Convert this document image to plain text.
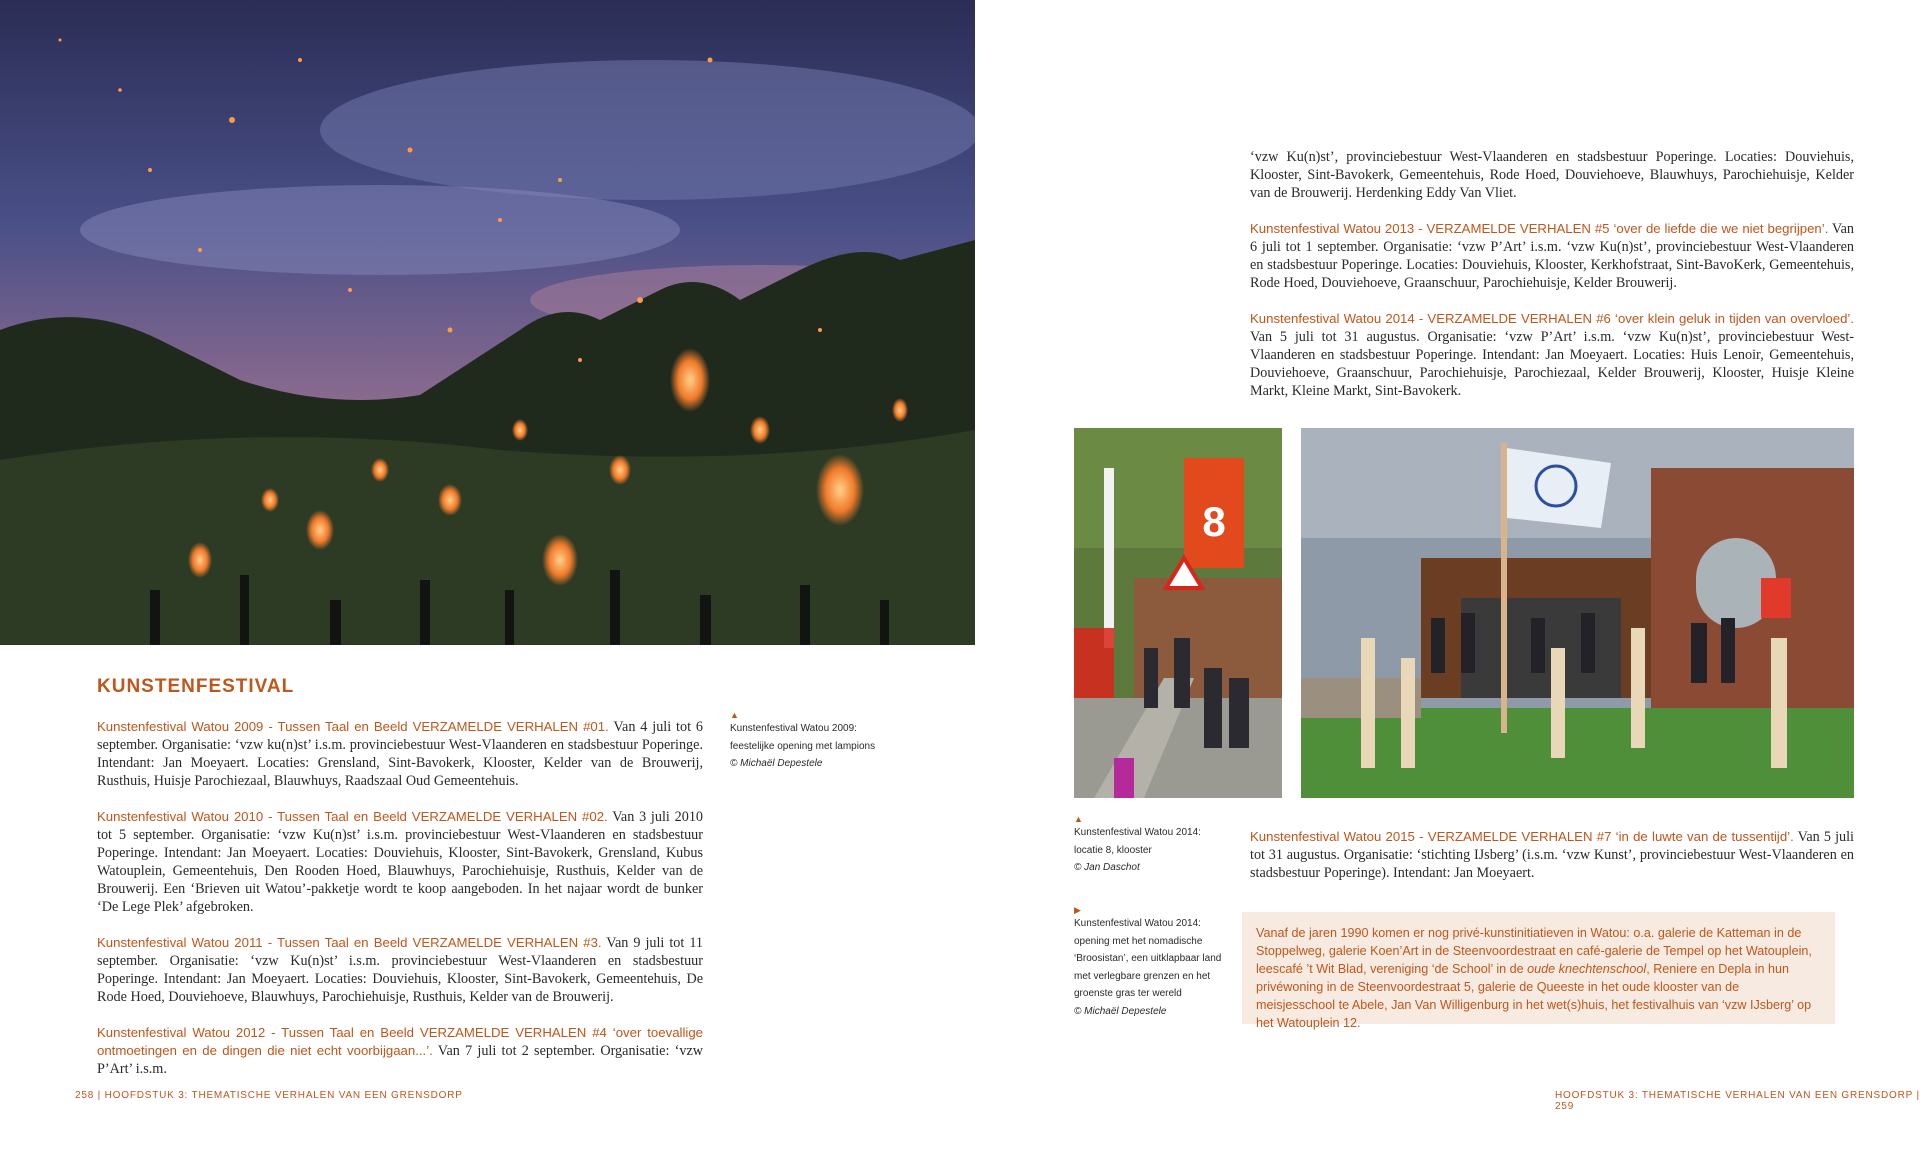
KUNSTENFESTIVAL

Kunstenfestival Watou 2009 - Tussen Taal en Beeld VERZAMELDE VERHALEN #01. Van 4 juli tot 6 september. Organisatie: ‘vzw ku(n)st’ i.s.m. provinciebestuur West-Vlaanderen en stadsbestuur Poperinge. Intendant: Jan Moeyaert. Locaties: Grensland, Sint-Bavokerk, Klooster, Kelder van de Brouwerij, Rusthuis, Huisje Parochiezaal, Blauwhuys, Raadszaal Oud Gemeentehuis.

Kunstenfestival Watou 2010 - Tussen Taal en Beeld VERZAMELDE VERHALEN #02. Van 3 juli 2010 tot 5 september. Organisatie: ‘vzw Ku(n)st’ i.s.m. provinciebestuur West-Vlaanderen en stadsbestuur Poperinge. Intendant: Jan Moeyaert. Locaties: Douviehuis, Klooster, Sint-Bavokerk, Grensland, Kubus Watouplein, Gemeentehuis, Den Rooden Hoed, Blauwhuys, Parochiehuisje, Rusthuis, Kelder van de Brouwerij. Een ‘Brieven uit Watou’-pakketje wordt te koop aangeboden. In het najaar wordt de bunker ‘De Lege Plek’ afgebroken.

Kunstenfestival Watou 2011 - Tussen Taal en Beeld VERZAMELDE VERHALEN #3. Van 9 juli tot 11 september. Organisatie: ‘vzw Ku(n)st’ i.s.m. provinciebestuur West-Vlaanderen en stadsbestuur Poperinge. Intendant: Jan Moeyaert. Locaties: Douviehuis, Klooster, Sint-Bavokerk, Gemeentehuis, De Rode Hoed, Douviehoeve, Blauwhuys, Parochiehuisje, Rusthuis, Kelder van de Brouwerij.

Kunstenfestival Watou 2012 - Tussen Taal en Beeld VERZAMELDE VERHALEN #4 ‘over toevallige ontmoetingen en de dingen die niet echt voorbijgaan...’. Van 7 juli tot 2 september. Organisatie: ‘vzw P’Art’ i.s.m.

▲
Kunstenfestival Watou 2009:
feestelijke opening met lampions
© Michaël Depestele
258 | HOOFDSTUK 3: THEMATISCHE VERHALEN VAN EEN GRENSDORP

‘vzw Ku(n)st’, provinciebestuur West-Vlaanderen en stadsbestuur Poperinge. Locaties: Douviehuis, Klooster, Sint-Bavokerk, Gemeentehuis, Rode Hoed, Douviehoeve, Blauwhuys, Parochiehuisje, Kelder van de Brouwerij. Herdenking Eddy Van Vliet.

Kunstenfestival Watou 2013 - VERZAMELDE VERHALEN #5 ‘over de liefde die we niet begrijpen’. Van 6 juli tot 1 september. Organisatie: ‘vzw P’Art’ i.s.m. ‘vzw Ku(n)st’, provinciebestuur West-Vlaanderen en stadsbestuur Poperinge. Locaties: Douviehuis, Klooster, Kerkhofstraat, Sint-BavoKerk, Gemeentehuis, Rode Hoed, Douviehoeve, Graanschuur, Parochiehuisje, Kelder Brouwerij.

Kunstenfestival Watou 2014 - VERZAMELDE VERHALEN #6 ‘over klein geluk in tijden van overvloed’. Van 5 juli tot 31 augustus. Organisatie: ‘vzw P’Art’ i.s.m. ‘vzw Ku(n)st’, provinciebestuur West-Vlaanderen en stadsbestuur Poperinge. Intendant: Jan Moeyaert. Locaties: Huis Lenoir, Gemeentehuis, Douviehoeve, Graanschuur, Parochiehuisje, Parochiezaal, Kelder Brouwerij, Klooster, Huisje Kleine Markt, Kleine Markt, Sint-Bavokerk.

8
▲
Kunstenfestival Watou 2014:
locatie 8, klooster
© Jan Daschot
▶
Kunstenfestival Watou 2014:
opening met het nomadische
‘Broosistan’, een uitklapbaar land
met verlegbare grenzen en het
groenste gras ter wereld
© Michaël Depestele

Kunstenfestival Watou 2015 - VERZAMELDE VERHALEN #7 ‘in de luwte van de tussentijd’. Van 5 juli tot 31 augustus. Organisatie: ‘stichting IJsberg’ (i.s.m. ‘vzw Kunst’, provinciebestuur West-Vlaanderen en stadsbestuur Poperinge). Intendant: Jan Moeyaert.

Vanaf de jaren 1990 komen er nog privé-kunstinitiatieven in Watou: o.a. galerie de Katteman in de Stoppelweg, galerie Koen’Art in de Steenvoordestraat en café-galerie de Tempel op het Watouplein, leescafé ’t Wit Blad, vereniging ‘de School’ in de oude knechtenschool, Reniere en Depla in hun privéwoning in de Steenvoordestraat 5, galerie de Queeste in het oude klooster van de meisjesschool te Abele, Jan Van Willigenburg in het wet(s)huis, het festivalhuis van ‘vzw IJsberg’ op het Watouplein 12.
HOOFDSTUK 3: THEMATISCHE VERHALEN VAN EEN GRENSDORP | 259
